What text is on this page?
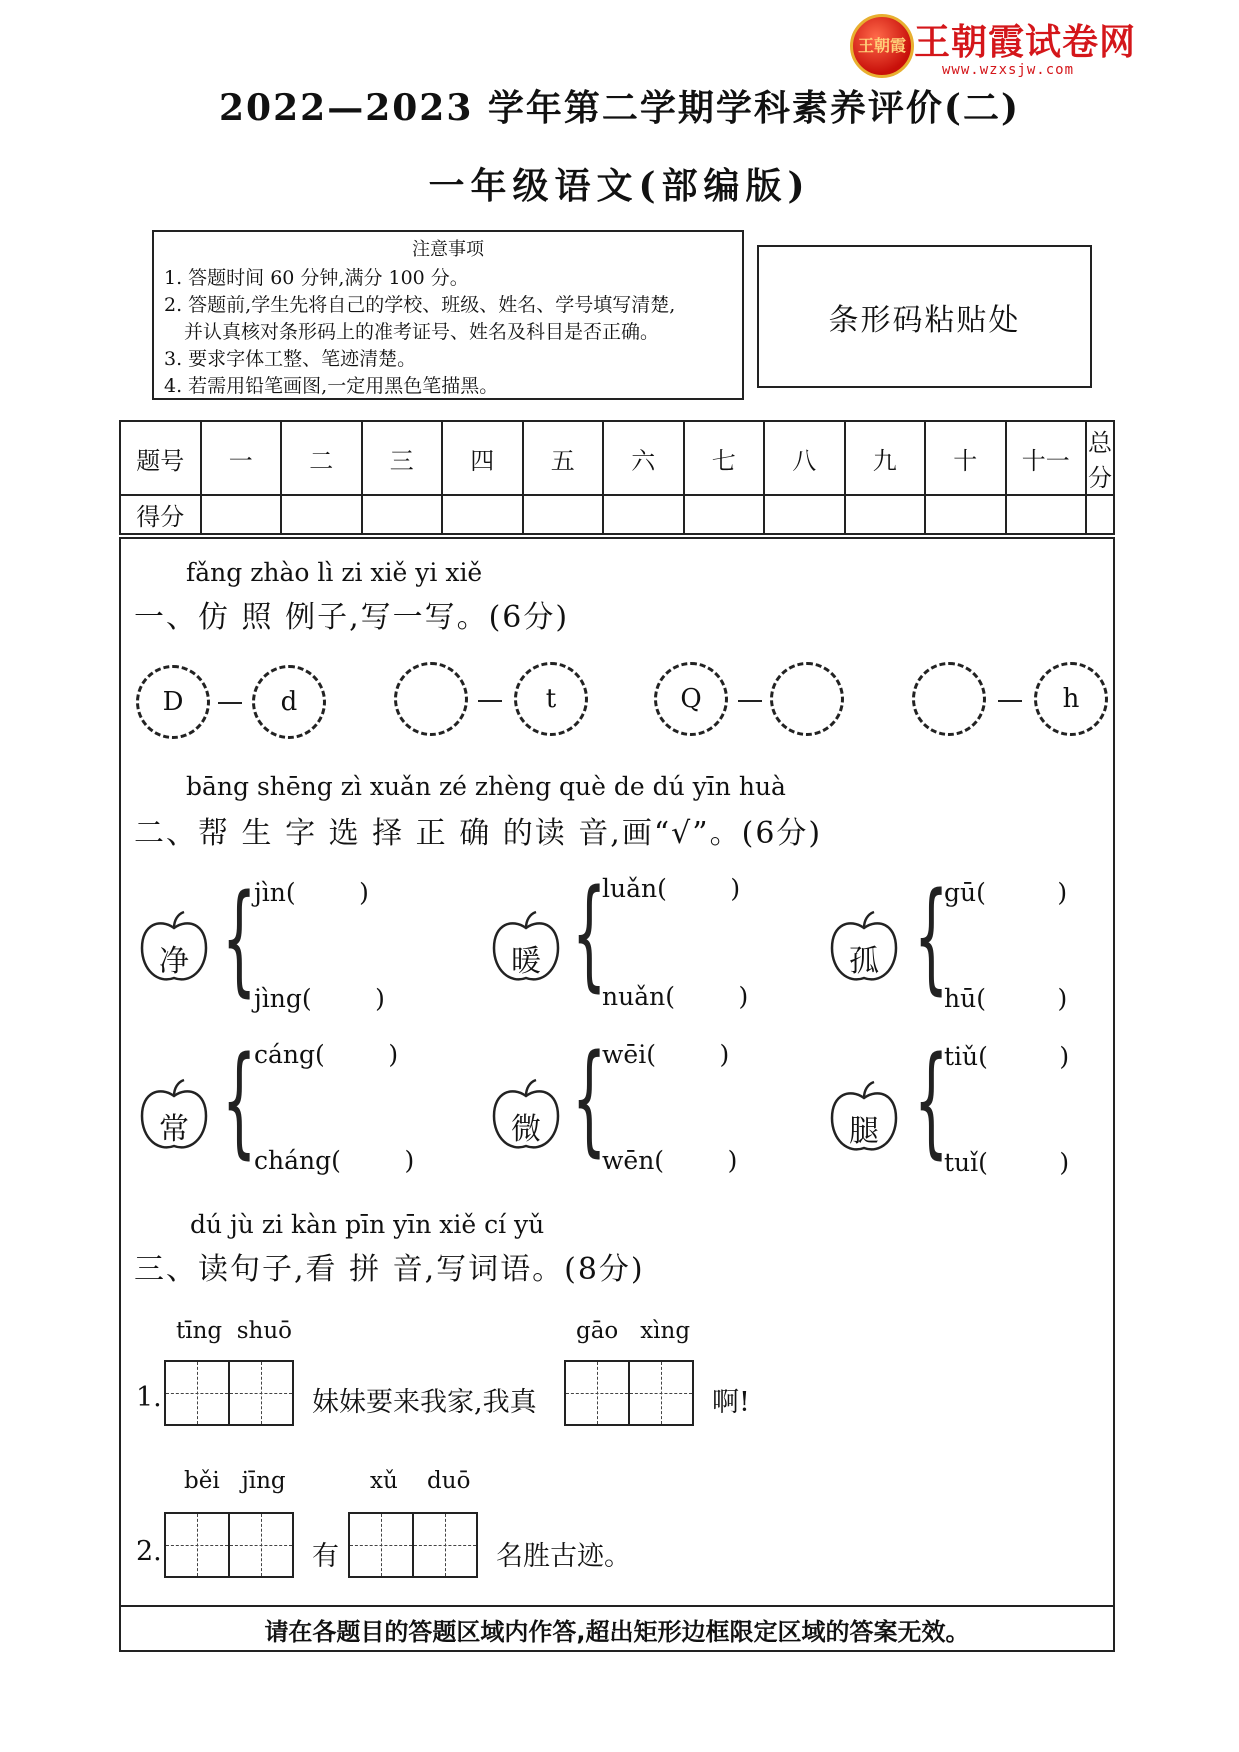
王朝霞 王朝霞试卷网
www.wzxsjw.com
2022—2023 学年第二学期学科素养评价(二)
一年级语文(部编版)
注意事项
1. 答题时间 60 分钟,满分 100 分。
2. 答题前,学生先将自己的学校、班级、姓名、学号填写清楚,
并认真核对条形码上的准考证号、姓名及科目是否正确。
3. 要求字体工整、笔迹清楚。
4. 若需用铅笔画图,一定用黑色笔描黑。
条形码粘贴处
题号	一	二	三	四	五	六	七	八	九	十	十一	总分
得分												
fǎng zhào lì zi xiě yi xiě
一、仿 照 例子,写一写。(6分)
D	d	t	Q	h
bāng shēng zì xuǎn zé zhèng què de dú yīn huà
二、帮 生 字 选 择 正 确 的读 音,画“√”。(6分)
净 {
jìn(        )
jìng(        )
暖 {
luǎn(        )
nuǎn(        )
孤 {
gū(         )
hū(         )
常 {
cáng(        )
cháng(        )
微 {
wēi(        )
wēn(        )
腿 {
tiǔ(         )
tuǐ(         )
dú jù zi kàn pīn yīn xiě cí yǔ
三、读句子,看 拼 音,写词语。(8分)
tīng  shuō	gāo   xìng
1.	妹妹要来我家,我真	啊!
běi   jīng	xǔ    duō
2.	有	名胜古迹。
请在各题目的答题区域内作答,超出矩形边框限定区域的答案无效。
